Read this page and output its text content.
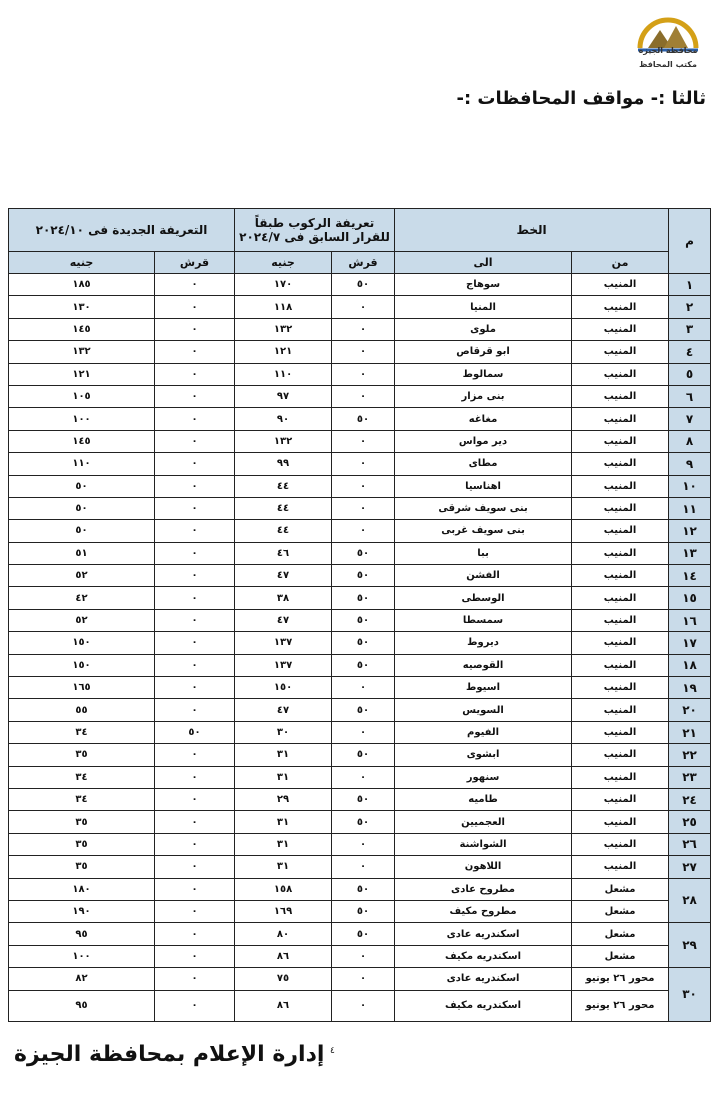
محافظة الجيزة
مكتب المحافظ
ثالثا :- مواقف المحافظات :-
م	الخط		تعريفة الركوب طبقاً للقرار السابق فى ٢٠٢٤/٧		التعريفة الجديدة فى ٢٠٢٤/١٠	
	من	الى	قرش	جنيه	قرش	جنيه
١	المنيب	سوهاج	٥٠	١٧٠	٠	١٨٥
٢	المنيب	المنيا	٠	١١٨	٠	١٣٠
٣	المنيب	ملوى	٠	١٣٢	٠	١٤٥
٤	المنيب	ابو قرقاص	٠	١٢١	٠	١٣٢
٥	المنيب	سمالوط	٠	١١٠	٠	١٢١
٦	المنيب	بنى مزار	٠	٩٧	٠	١٠٥
٧	المنيب	مغاغه	٥٠	٩٠	٠	١٠٠
٨	المنيب	دير مواس	٠	١٣٢	٠	١٤٥
٩	المنيب	مطاى	٠	٩٩	٠	١١٠
١٠	المنيب	اهناسيا	٠	٤٤	٠	٥٠
١١	المنيب	بنى سويف شرقى	٠	٤٤	٠	٥٠
١٢	المنيب	بنى سويف غربى	٠	٤٤	٠	٥٠
١٣	المنيب	ببا	٥٠	٤٦	٠	٥١
١٤	المنيب	الفشن	٥٠	٤٧	٠	٥٢
١٥	المنيب	الوسطى	٥٠	٣٨	٠	٤٢
١٦	المنيب	سمسطا	٥٠	٤٧	٠	٥٢
١٧	المنيب	ديروط	٥٠	١٣٧	٠	١٥٠
١٨	المنيب	القوصيه	٥٠	١٣٧	٠	١٥٠
١٩	المنيب	اسيوط	٠	١٥٠	٠	١٦٥
٢٠	المنيب	السويس	٥٠	٤٧	٠	٥٥
٢١	المنيب	الفيوم	٠	٣٠	٥٠	٣٤
٢٢	المنيب	ابشوى	٥٠	٣١	٠	٣٥
٢٣	المنيب	سنهور	٠	٣١	٠	٣٤
٢٤	المنيب	طاميه	٥٠	٢٩	٠	٣٤
٢٥	المنيب	العجميين	٥٠	٣١	٠	٣٥
٢٦	المنيب	الشواشنة	٠	٣١	٠	٣٥
٢٧	المنيب	اللاهون	٠	٣١	٠	٣٥
٢٨	مشعل	مطروح عادى	٥٠	١٥٨	٠	١٨٠
	مشعل	مطروح مكيف	٥٠	١٦٩	٠	١٩٠
٢٩	مشعل	اسكندريه عادى	٥٠	٨٠	٠	٩٥
	مشعل	اسكندريه مكيف	٠	٨٦	٠	١٠٠
٣٠	محور ٢٦ يونيو	اسكندريه عادى	٠	٧٥	٠	٨٢
	محور ٢٦ يونيو	اسكندريه مكيف	٠	٨٦	٠	٩٥
٤
إدارة الإعلام بمحافظة الجيزة
